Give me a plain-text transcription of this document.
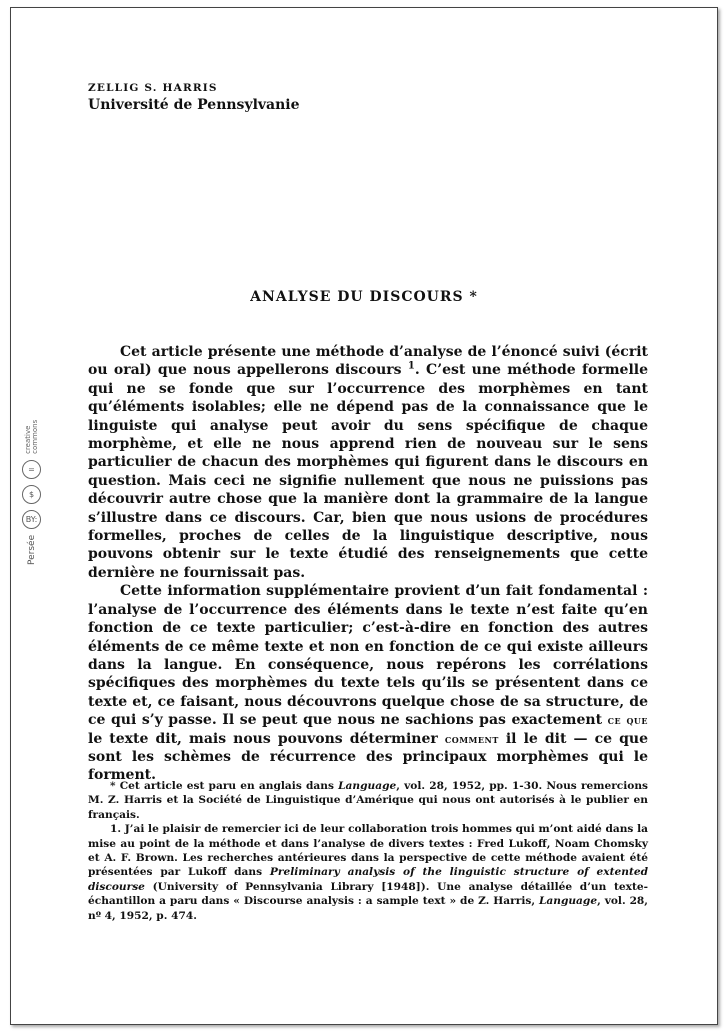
Persée
BY:
$
=
creative
commons
ZELLIG S. HARRIS
Université de Pennsylvanie
ANALYSE DU DISCOURS *

Cet article présente une méthode d’analyse de l’énoncé suivi (écrit ou oral) que nous appellerons discours $^1$. C’est une méthode formelle qui ne se fonde que sur l’occurrence des morphèmes en tant qu’éléments isolables; elle ne dépend pas de la connaissance que le linguiste qui analyse peut avoir du sens spécifique de chaque morphème, et elle ne nous apprend rien de nouveau sur le sens particulier de chacun des morphèmes qui figurent dans le discours en question. Mais ceci ne signifie nullement que nous ne puissions pas découvrir autre chose que la manière dont la grammaire de la langue s’illustre dans ce discours. Car, bien que nous usions de procédures formelles, proches de celles de la linguistique descriptive, nous pouvons obtenir sur le texte étudié des renseignements que cette dernière ne fournissait pas.

Cette information supplémentaire provient d’un fait fondamental : l’analyse de l’occurrence des éléments dans le texte n’est faite qu’en fonction de ce texte particulier; c’est-à-dire en fonction des autres éléments de ce même texte et non en fonction de ce qui existe ailleurs dans la langue. En conséquence, nous repérons les corrélations spécifiques des morphèmes du texte tels qu’ils se présentent dans ce texte et, ce faisant, nous découvrons quelque chose de sa structure, de ce qui s’y passe. Il se peut que nous ne sachions pas exactement ce que le texte dit, mais nous pouvons déterminer comment il le dit — ce que sont les schèmes de récurrence des principaux morphèmes qui le forment.

* Cet article est paru en anglais dans Language, vol. 28, 1952, pp. 1-30. Nous remercions M. Z. Harris et la Société de Linguistique d’Amérique qui nous ont autorisés à le publier en français.

1. J’ai le plaisir de remercier ici de leur collaboration trois hommes qui m’ont aidé dans la mise au point de la méthode et dans l’analyse de divers textes : Fred Lukoff, Noam Chomsky et A. F. Brown. Les recherches antérieures dans la perspective de cette méthode avaient été présentées par Lukoff dans Preliminary analysis of the linguistic structure of extented discourse (University of Pennsylvania Library [1948]). Une analyse détaillée d’un texte-échantillon a paru dans « Discourse analysis : a sample text » de Z. Harris, Language, vol. 28, nº 4, 1952, p. 474.
